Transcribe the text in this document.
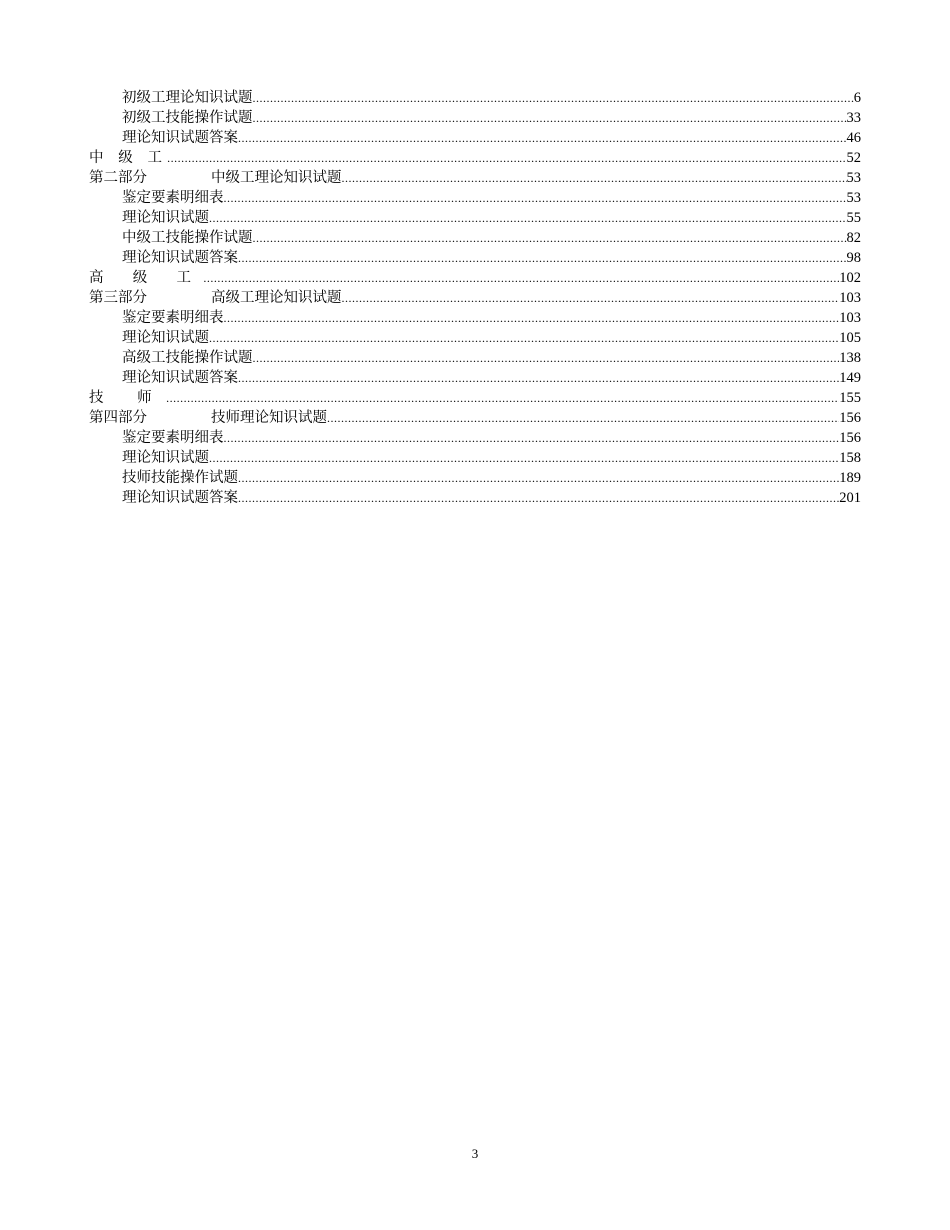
初级工理论知识试题 .....	6
初级工技能操作试题 .....	33
理论知识试题答案 .....	46
中 级 工 .....	52
第二部分	中级工理论知识试题 .....	53
鉴定要素明细表 .....	53
理论知识试题 .....	55
中级工技能操作试题 .....	82
理论知识试题答案 .....	98
高 级 工 .....	102
第三部分	高级工理论知识试题 .....	103
鉴定要素明细表 .....	103
理论知识试题 .....	105
高级工技能操作试题 .....	138
理论知识试题答案 .....	149
技 师 .....	155
第四部分	技师理论知识试题 .....	156
鉴定要素明细表 .....	156
理论知识试题 .....	158
技师技能操作试题 .....	189
理论知识试题答案 .....	201
3
